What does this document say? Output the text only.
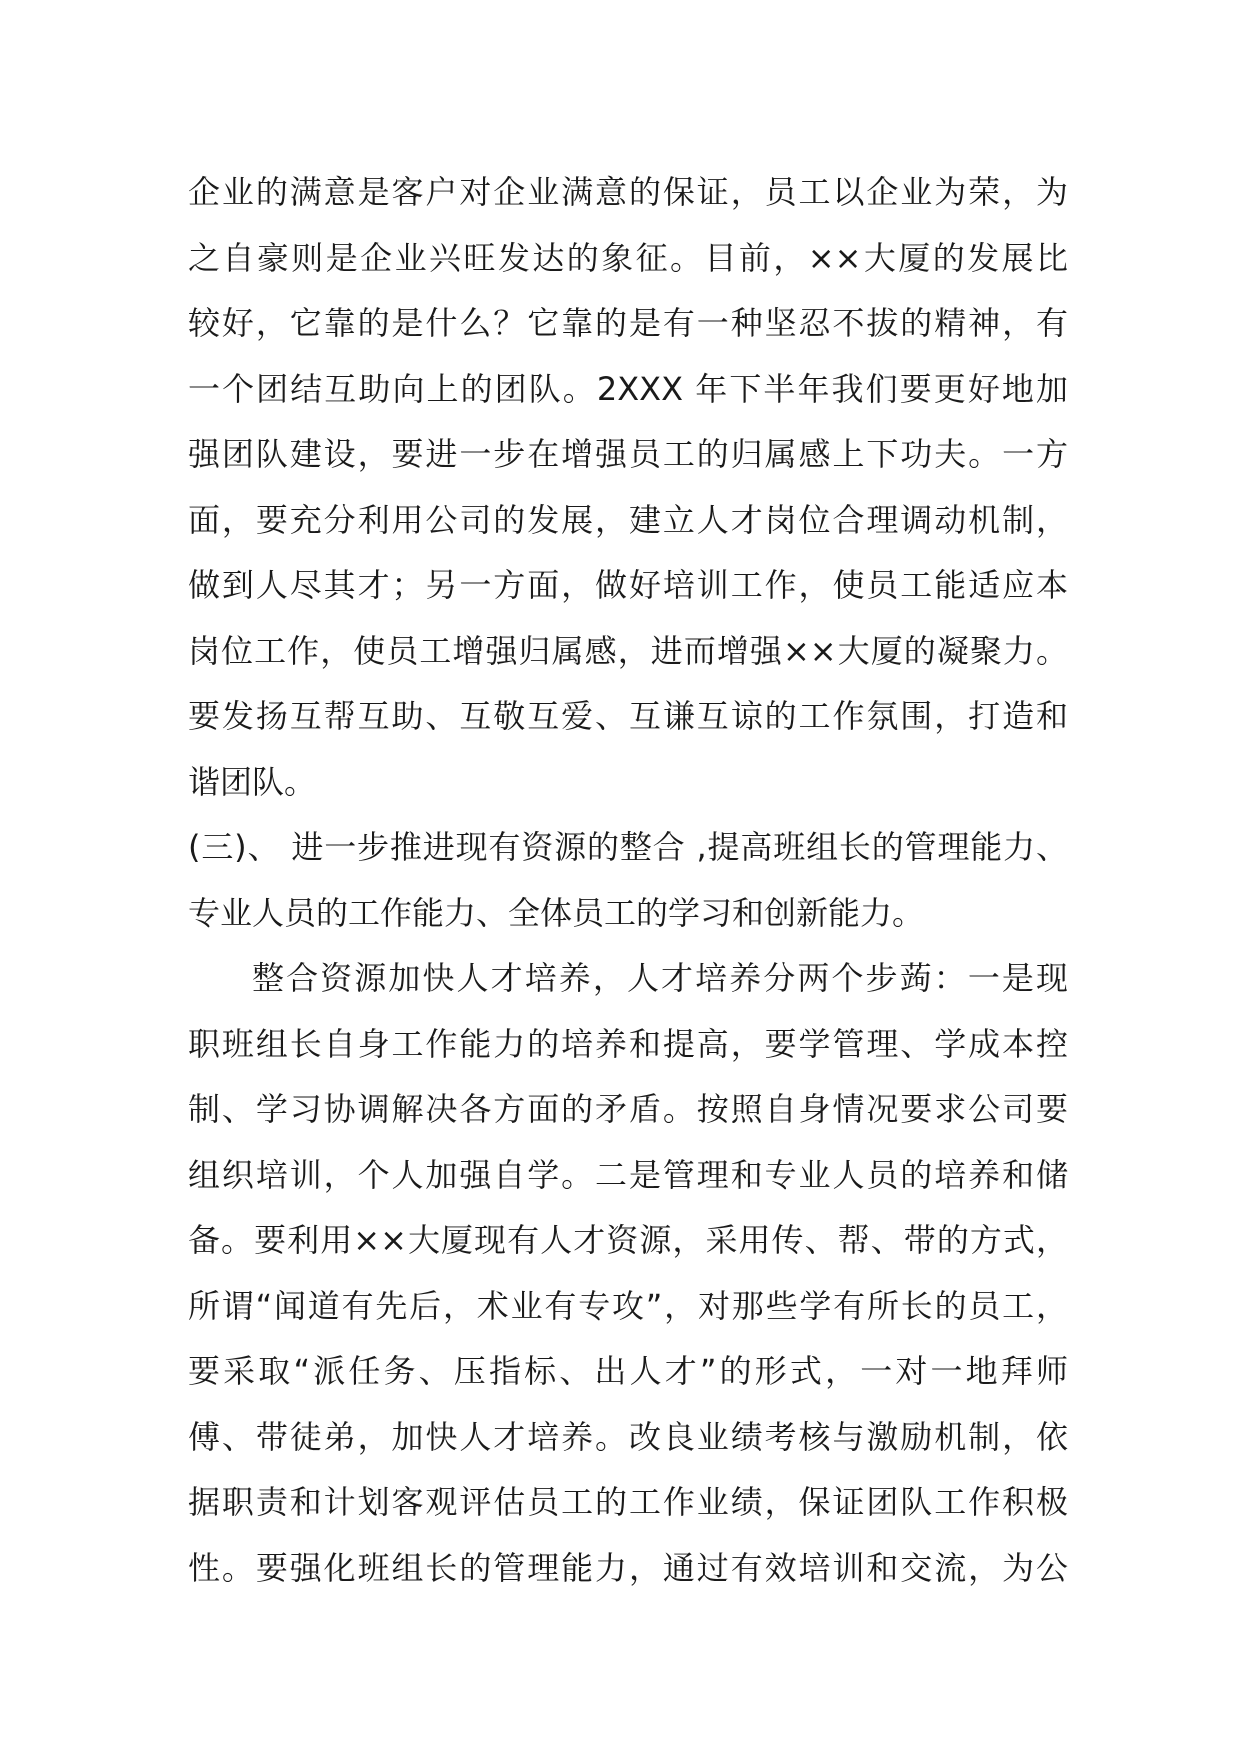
企业的满意是客户对企业满意的保证，员工以企业为荣，为
之自豪则是企业兴旺发达的象征。目前，××大厦的发展比
较好，它靠的是什么？它靠的是有一种坚忍不拔的精神，有
一个团结互助向上的团队。2XXX 年下半年我们要更好地加
强团队建设，要进一步在增强员工的归属感上下功夫。一方
面，要充分利用公司的发展，建立人才岗位合理调动机制，
做到人尽其才；另一方面，做好培训工作，使员工能适应本
岗位工作，使员工增强归属感，进而增强××大厦的凝聚力。
要发扬互帮互助、互敬互爱、互谦互谅的工作氛围，打造和
谐团队。
(三)、 进一步推进现有资源的整合 ,提高班组长的管理能力、
专业人员的工作能力、全体员工的学习和创新能力。
整合资源加快人才培养，人才培养分两个步蒟：一是现
职班组长自身工作能力的培养和提高，要学管理、学成本控
制、学习协调解决各方面的矛盾。按照自身情况要求公司要
组织培训，个人加强自学。二是管理和专业人员的培养和储
备。要利用××大厦现有人才资源，采用传、帮、带的方式，
所谓“闻道有先后，术业有专攻”，对那些学有所长的员工，
要采取“派任务、压指标、出人才”的形式，一对一地拜师
傅、带徒弟，加快人才培养。改良业绩考核与激励机制，依
据职责和计划客观评估员工的工作业绩，保证团队工作积极
性。要强化班组长的管理能力，通过有效培训和交流，为公
